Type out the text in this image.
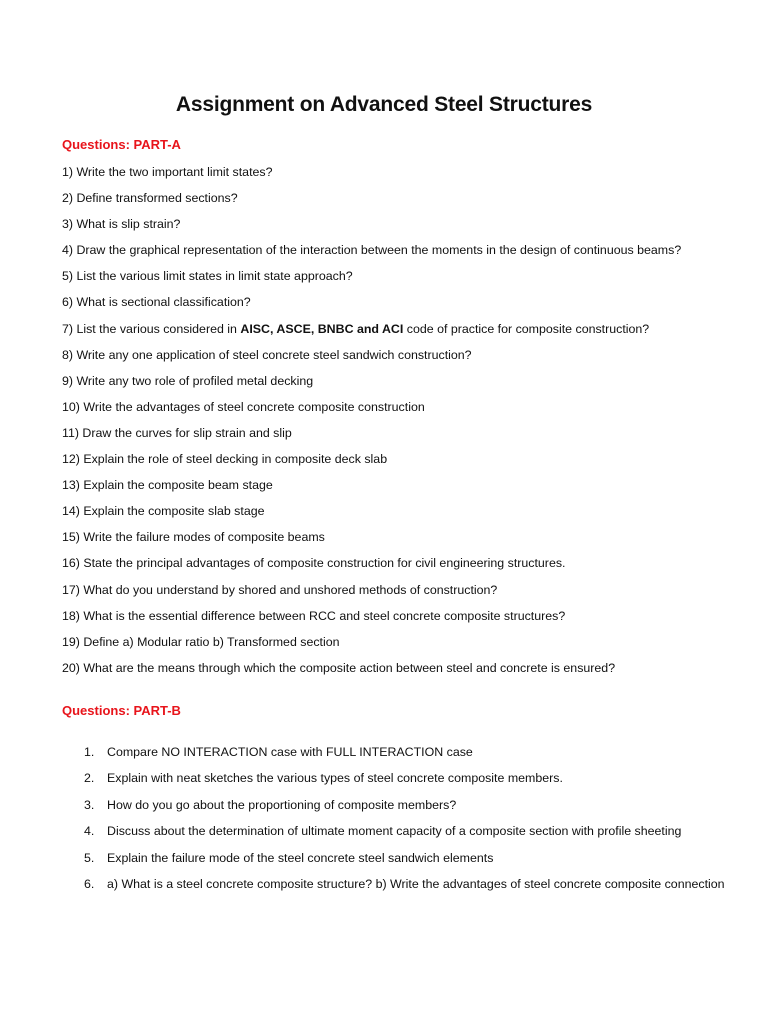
Assignment on Advanced Steel Structures
Questions: PART-A
1) Write the two important limit states?
2) Define transformed sections?
3) What is slip strain?
4) Draw the graphical representation of the interaction between the moments in the design of continuous beams?
5) List the various limit states in limit state approach?
6) What is sectional classification?
7) List the various considered in AISC, ASCE, BNBC and ACI code of practice for composite construction?
8) Write any one application of steel concrete steel sandwich construction?
9) Write any two role of profiled metal decking
10) Write the advantages of steel concrete composite construction
11) Draw the curves for slip strain and slip
12) Explain the role of steel decking in composite deck slab
13) Explain the composite beam stage
14) Explain the composite slab stage
15) Write the failure modes of composite beams
16) State the principal advantages of composite construction for civil engineering structures.
17) What do you understand by shored and unshored methods of construction?
18) What is the essential difference between RCC and steel concrete composite structures?
19) Define a) Modular ratio b) Transformed section
20) What are the means through which the composite action between steel and concrete is ensured?
Questions: PART-B
1.	Compare NO INTERACTION case with FULL INTERACTION case
2.	Explain with neat sketches the various types of steel concrete composite members.
3.	How do you go about the proportioning of composite members?
4.	Discuss about the determination of ultimate moment capacity of a composite section with profile sheeting
5.	Explain the failure mode of the steel concrete steel sandwich elements
6.	a) What is a steel concrete composite structure? b) Write the advantages of steel concrete composite connection
